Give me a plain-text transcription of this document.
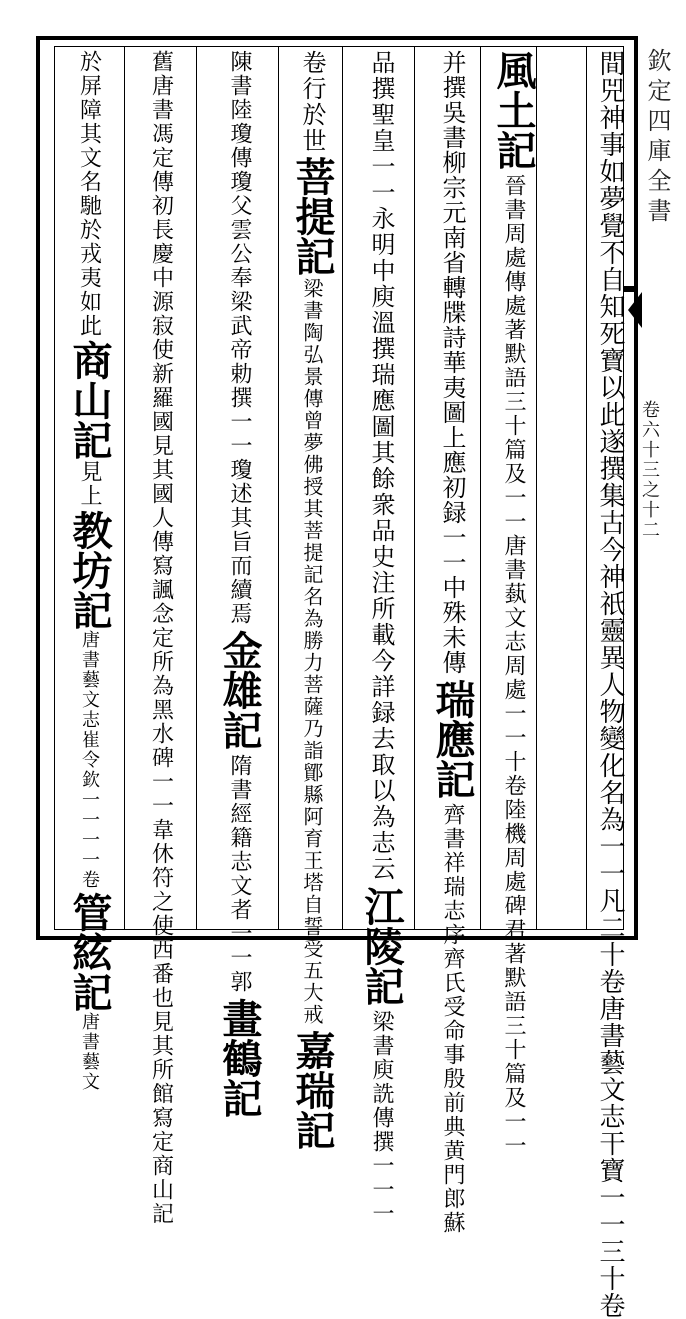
欽定四庫全書
卷六十三之十二
間兕神事如夢覺不自知死寶以此遂撰集古今神祇靈異人物變化名為一一凡二十卷唐書藝文志干寶一一三十卷
風土記
晉書周處傳處著默語三十篇及一一唐書蓺文志周處一一十卷陸機周處碑君著默語三十篇及一一
并撰吳書柳宗元南省轉牒詩華夷圖上應初録一一中殊未傳
瑞應記
齊書祥瑞志序齊氏受命事殷前典黄門郎蘇
品撰聖皇一一永明中庾溫撰瑞應圖其餘衆品史注所載今詳録去取以為志云
江陵記
梁書庾詵傳撰一一一
卷行於世
菩提記
梁書陶弘景傳曾夢佛授其菩提記名為勝力菩薩乃詣鄮縣阿育王塔自誓受五大戒
嘉瑞記
陳書陸瓊傳瓊父雲公奉梁武帝勅撰一一瓊述其旨而續焉
金雄記
隋書經籍志文者一一
郭
畫鶴記
舊唐書馮定傳初長慶中源寂使新羅國見其國人傳寫諷念定所為黑水碑一一韋休符之使西番也見其所館寫定商山記
於屏障其文名馳於戎夷如此
商山記
見上
教坊記
唐書藝文志崔令欽一一一一卷
管絃記
唐書藝文
